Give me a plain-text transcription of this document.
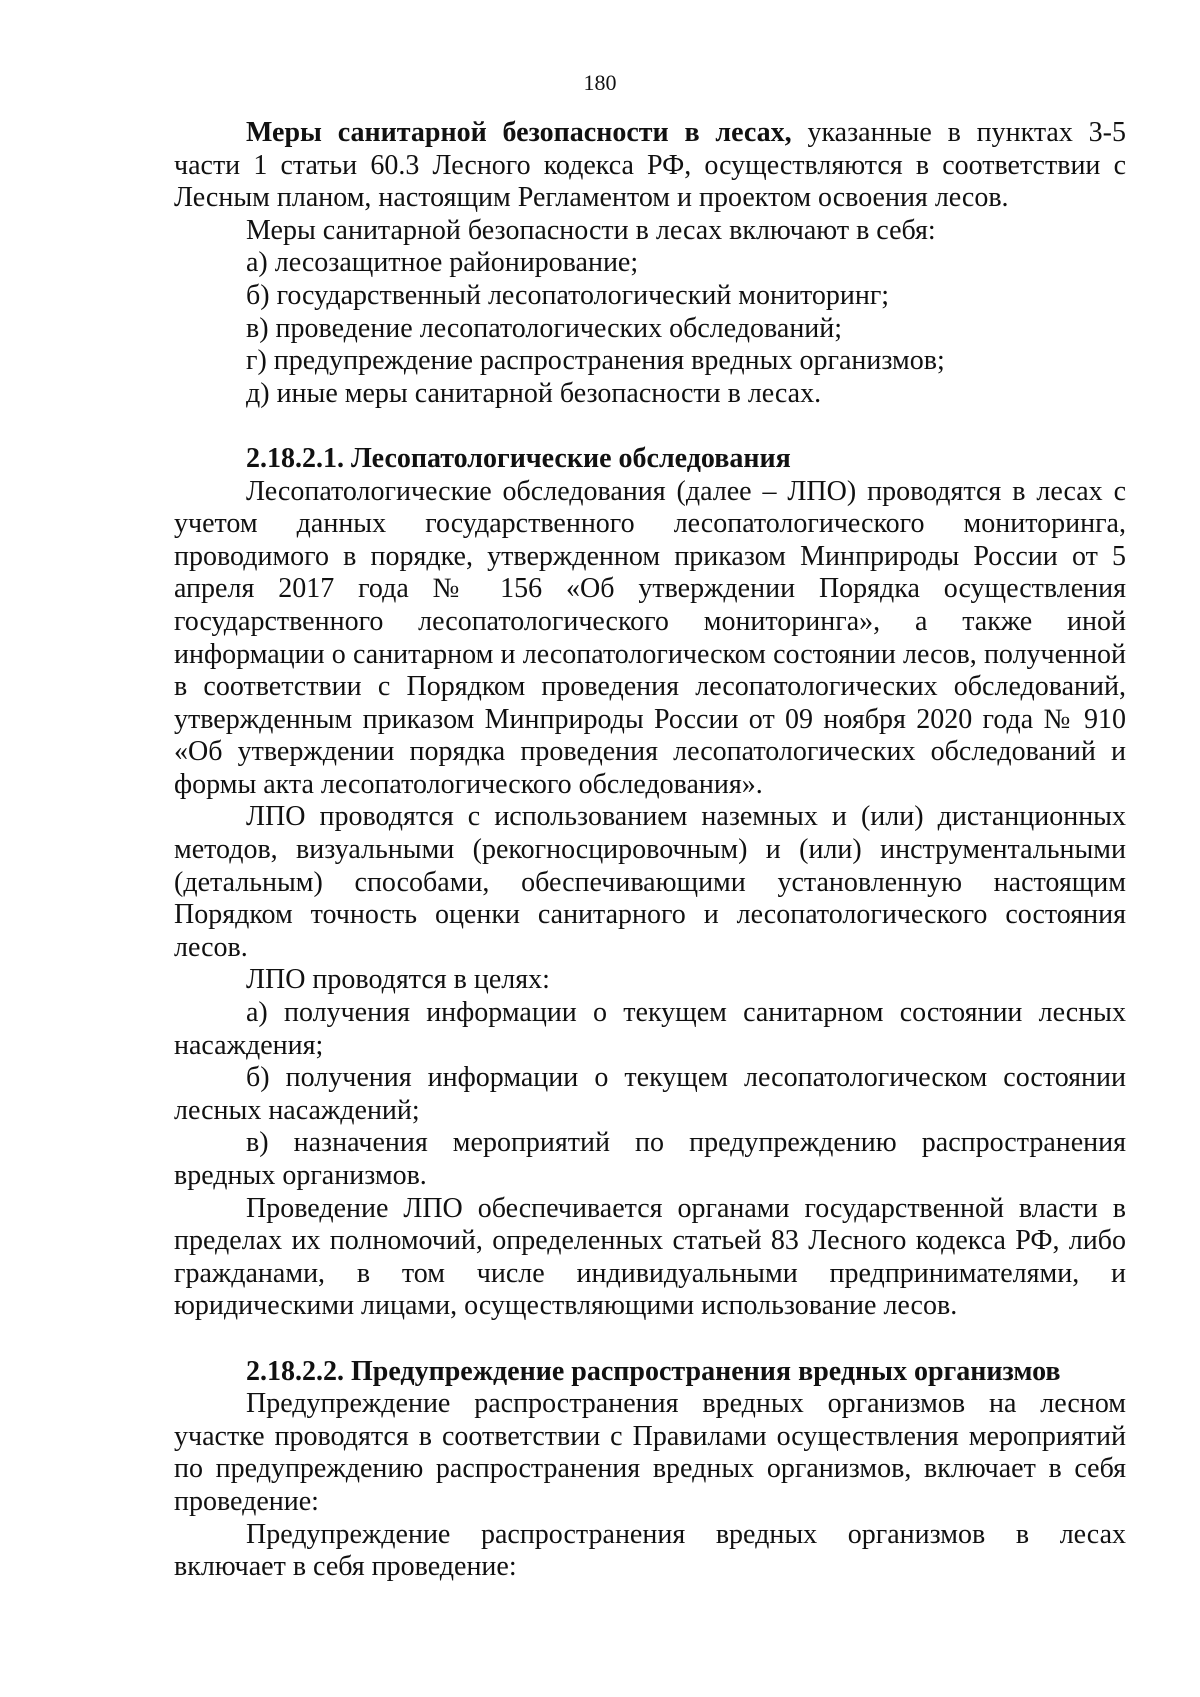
180

Меры санитарной безопасности в лесах, указанные в пунктах 3-5 части 1 статьи 60.3 Лесного кодекса РФ, осуществляются в соответствии с Лесным планом, настоящим Регламентом и проектом освоения лесов.

Меры санитарной безопасности в лесах включают в себя:

а) лесозащитное районирование;

б) государственный лесопатологический мониторинг;

в) проведение лесопатологических обследований;

г) предупреждение распространения вредных организмов;

д) иные меры санитарной безопасности в лесах.

2.18.2.1. Лесопатологические обследования

Лесопатологические обследования (далее – ЛПО) проводятся в лесах с учетом данных государственного лесопатологического мониторинга, проводимого в порядке, утвержденном приказом Минприроды России от 5 апреля 2017 года № 156 «Об утверждении Порядка осуществления государственного лесопатологического мониторинга», а также иной информации о санитарном и лесопатологическом состоянии лесов, полученной в соответствии с Порядком проведения лесопатологических обследований, утвержденным приказом Минприроды России от 09 ноября 2020 года № 910 «Об утверждении порядка проведения лесопатологических обследований и формы акта лесопатологического обследования».

ЛПО проводятся с использованием наземных и (или) дистанционных методов, визуальными (рекогносцировочным) и (или) инструментальными (детальным) способами, обеспечивающими установленную настоящим Порядком точность оценки санитарного и лесопатологического состояния лесов.

ЛПО проводятся в целях:

а) получения информации о текущем санитарном состоянии лесных насаждения;

б) получения информации о текущем лесопатологическом состоянии лесных насаждений;

в) назначения мероприятий по предупреждению распространения вредных организмов.

Проведение ЛПО обеспечивается органами государственной власти в пределах их полномочий, определенных статьей 83 Лесного кодекса РФ, либо гражданами, в том числе индивидуальными предпринимателями, и юридическими лицами, осуществляющими использование лесов.

2.18.2.2. Предупреждение распространения вредных организмов

Предупреждение распространения вредных организмов на лесном участке проводятся в соответствии с Правилами осуществления мероприятий по предупреждению распространения вредных организмов, включает в себя проведение:

Предупреждение распространения вредных организмов в лесах включает в себя проведение:
